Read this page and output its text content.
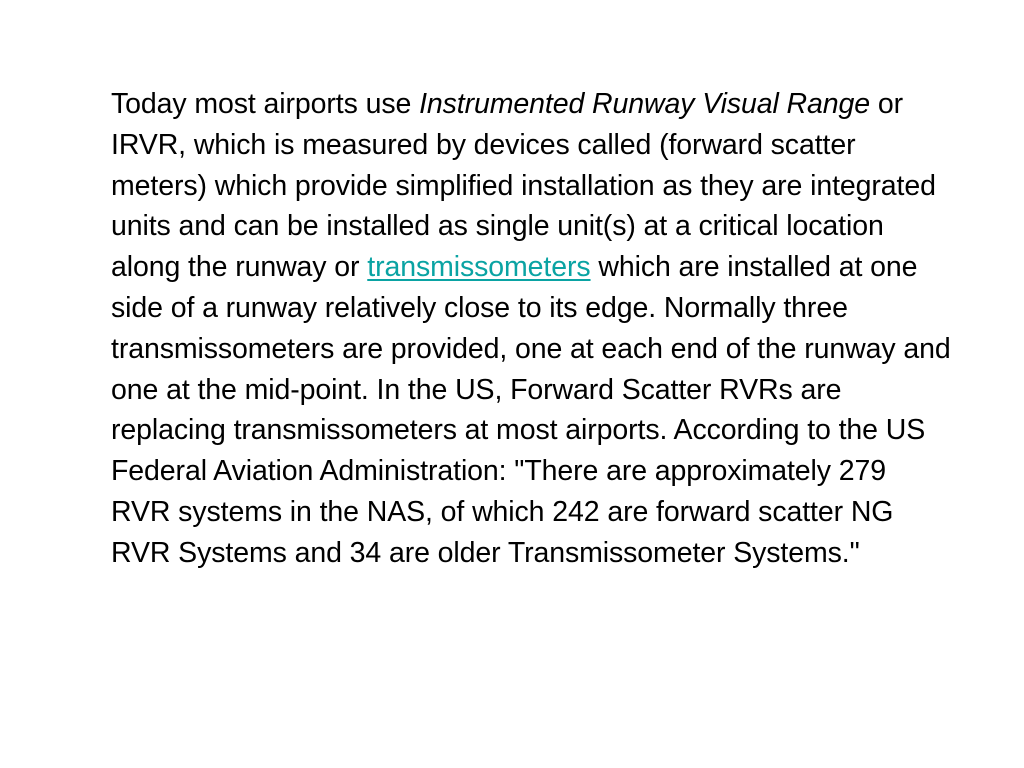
Today most airports use Instrumented Runway Visual Range or IRVR, which is measured by devices called (forward scatter meters) which provide simplified installation as they are integrated units and can be installed as single unit(s) at a critical location along the runway or transmissometers which are installed at one side of a runway relatively close to its edge. Normally three transmissometers are provided, one at each end of the runway and one at the mid-point. In the US, Forward Scatter RVRs are replacing transmissometers at most airports. According to the US Federal Aviation Administration: "There are approximately 279 RVR systems in the NAS, of which 242 are forward scatter NG RVR Systems and 34 are older Transmissometer Systems."
